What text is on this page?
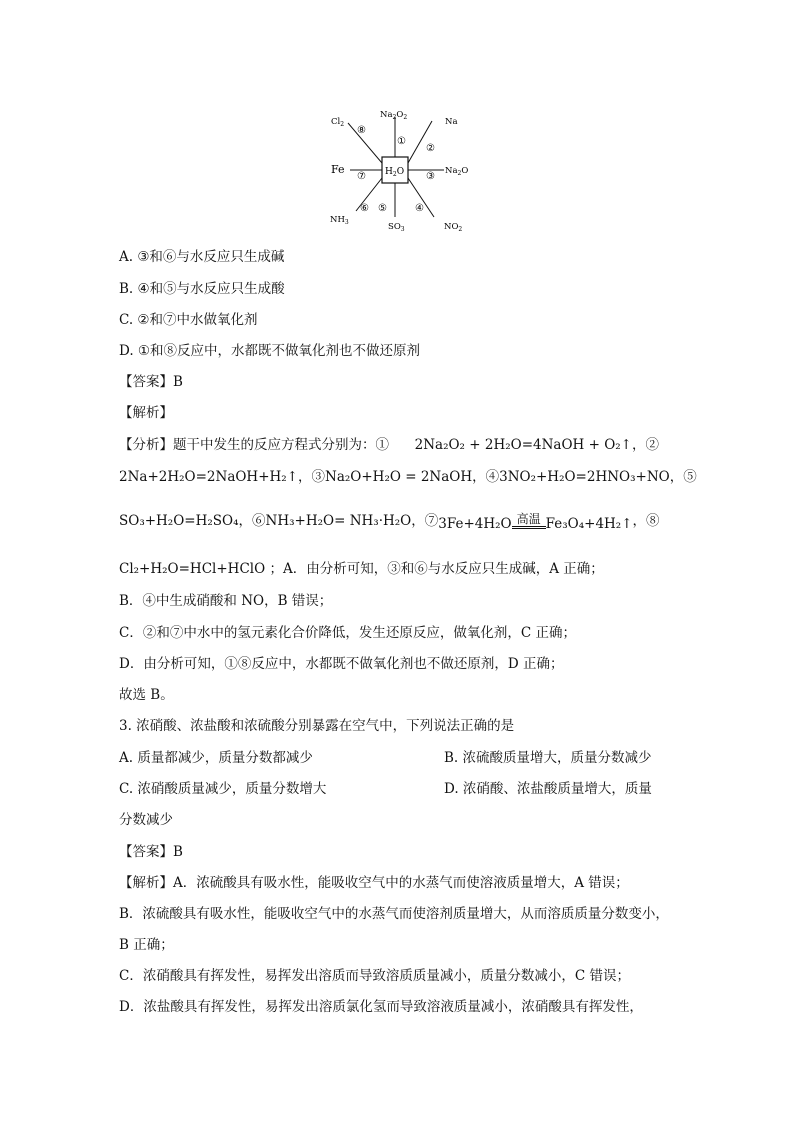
$H_2O$
$Na_2O_2$
$Cl_2$	Na
Fe	$Na_2O$
$NH_3$	$SO_3$	$NO_2$
⑧
①
②
⑦	③
⑥ ⑤	④
A. ③和⑥与水反应只生成碱
B. ④和⑤与水反应只生成酸
C. ②和⑦中水做氧化剂
D. ①和⑧反应中，水都既不做氧化剂也不做还原剂
【答案】B
【解析】
【分析】题干中发生的反应方程式分别为：① 2Na₂O₂ + 2H₂O=4NaOH + O₂↑，②
2Na+2H₂O=2NaOH+H₂↑ ，③ Na₂O+H₂O = 2NaOH ，④ 3NO₂+H₂O=2HNO₃+NO ，⑤
SO₃+H₂O=H₂SO₄ ，⑥ NH₃+H₂O= NH₃·H₂O ，⑦ 3Fe+4H₂O 高温 Fe₃O₄+4H₂↑ ，⑧
Cl₂+H₂O=HCl+HClO ；A．由分析可知，③和⑥与水反应只生成碱，A 正确；
B．④中生成硝酸和 NO，B 错误；
C．②和⑦中水中的氢元素化合价降低，发生还原反应，做氧化剂，C 正确；
D．由分析可知，①⑧反应中，水都既不做氧化剂也不做还原剂，D 正确；
故选 B。
3. 浓硝酸、浓盐酸和浓硫酸分别暴露在空气中，下列说法正确的是
A. 质量都减少，质量分数都减少	B. 浓硫酸质量增大，质量分数减少
C. 浓硝酸质量减少，质量分数增大	D. 浓硝酸、浓盐酸质量增大，质量
分数减少
【答案】B
【解析】A．浓硫酸具有吸水性，能吸收空气中的水蒸气而使溶液质量增大，A 错误；
B．浓硫酸具有吸水性，能吸收空气中的水蒸气而使溶剂质量增大，从而溶质质量分数变小，
B 正确；
C．浓硝酸具有挥发性，易挥发出溶质而导致溶质质量减小，质量分数减小，C 错误；
D．浓盐酸具有挥发性，易挥发出溶质氯化氢而导致溶液质量减小，浓硝酸具有挥发性，
